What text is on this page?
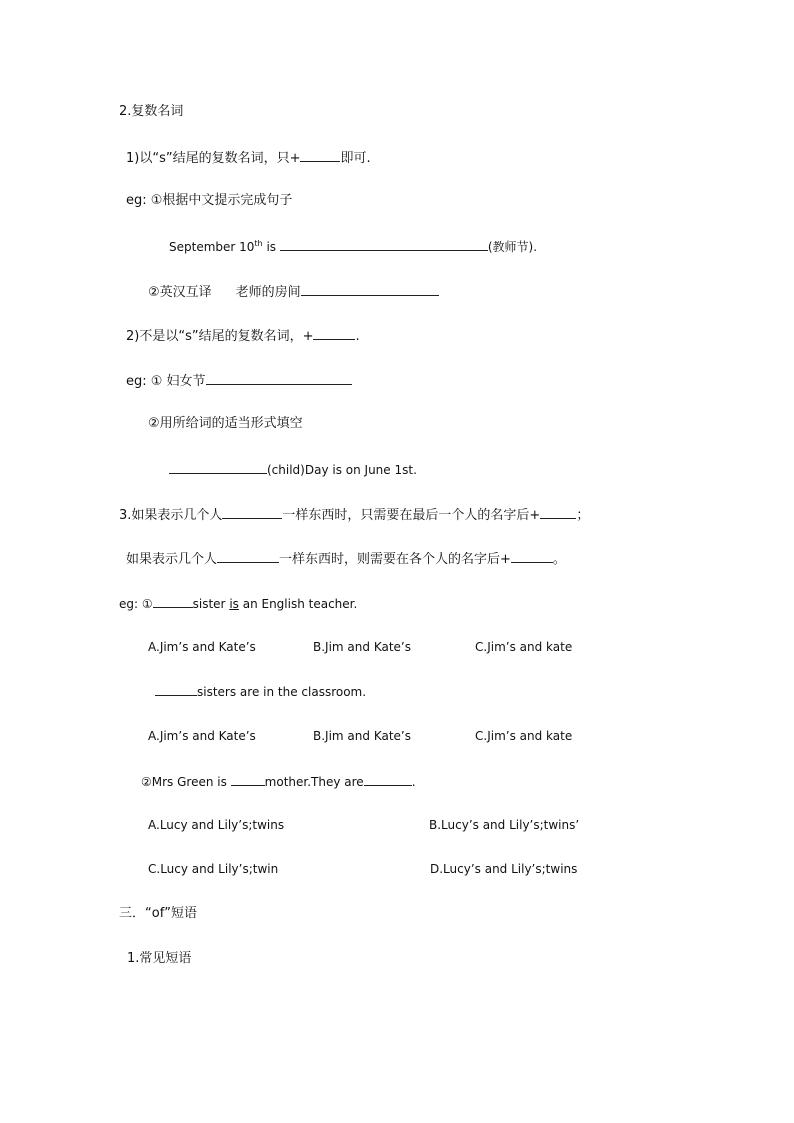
2.复数名词
1)以“s”结尾的复数名词，只+	即可.
eg: ①根据中文提示完成句子
September 10th is	(教师节).
②英汉互译 老师的房间
2)不是以“s”结尾的复数名词，+	.
eg: ① 妇女节
②用所给词的适当形式填空
(child)Day is on June 1st.
3.如果表示几个人	一样东西时，只需要在最后一个人的名字后+	；
如果表示几个人	一样东西时，则需要在各个人的名字后+	。
eg: ①	sister is an English teacher.
A.Jim’s and Kate’s	B.Jim and Kate’s	C.Jim’s and kate
sisters are in the classroom.
A.Jim’s and Kate’s	B.Jim and Kate’s	C.Jim’s and kate
②Mrs Green is	mother.They are	.
A.Lucy and Lily’s;twins	B.Lucy’s and Lily’s;twins’
C.Lucy and Lily’s;twin	D.Lucy’s and Lily’s;twins
三．“of”短语
1.常见短语
